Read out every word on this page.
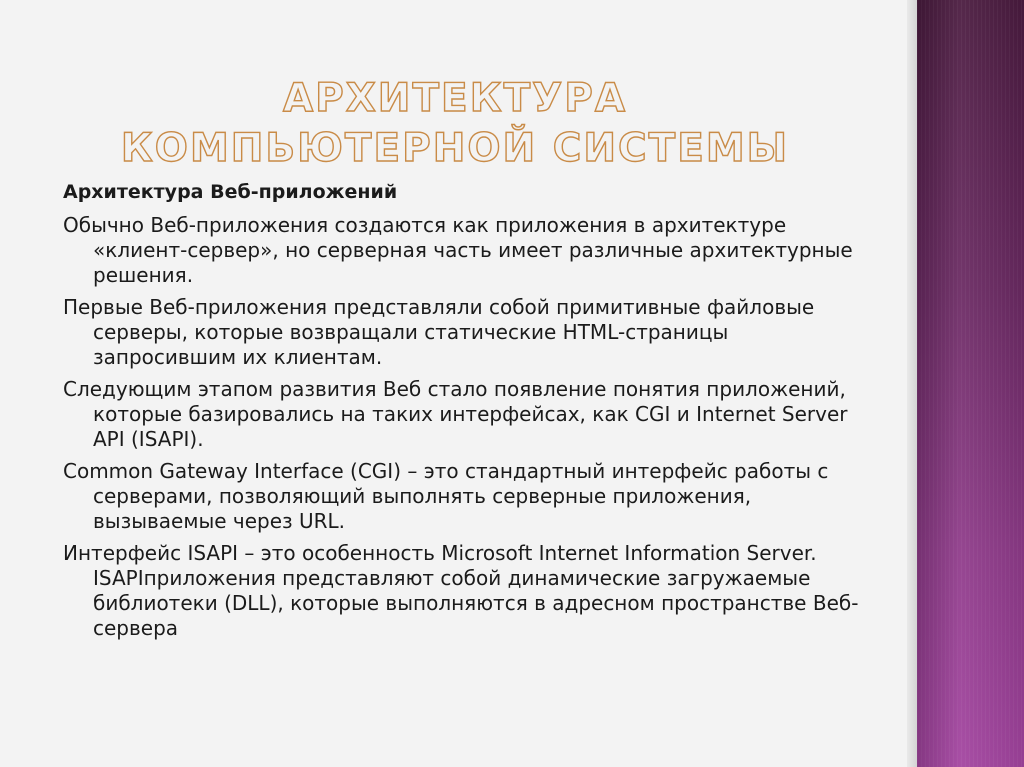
АРХИТЕКТУРА КОМПЬЮТЕРНОЙ СИСТЕМЫ

Архитектура Веб-приложений

Обычно Веб-приложения создаются как приложения в архитектуре «клиент-сервер», но серверная часть имеет различные архитектурные решения.

Первые Веб-приложения представляли собой примитивные файловые серверы, которые возвращали статические HTML-страницы запросившим их клиентам.

Следующим этапом развития Веб стало появление понятия приложений, которые базировались на таких интерфейсах, как CGI и Internet Server API (ISAPI).

Common Gateway Interface (CGI) – это стандартный интерфейс работы с серверами, позволяющий выполнять серверные приложения, вызываемые через URL.

Интерфейс ISAPI – это особенность Microsoft Internet Information Server. ISAPIприложения представляют собой динамические загружаемые библиотеки (DLL), которые выполняются в адресном пространстве Веб-сервера
